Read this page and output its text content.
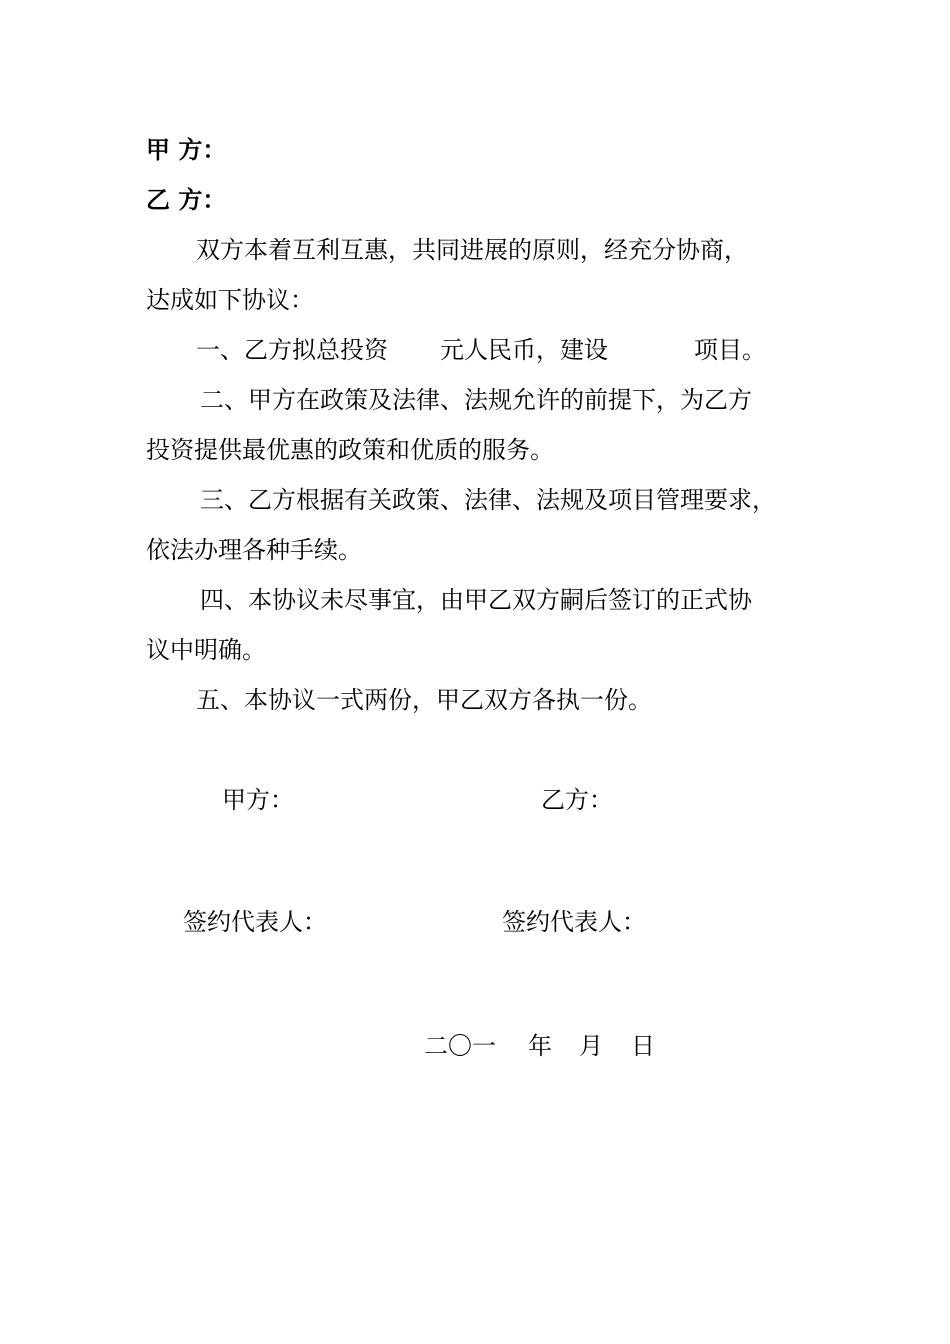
甲 方：
乙 方：
双方本着互利互惠，共同进展的原则，经充分协商，
达成如下协议：
一、乙方拟总投资 元人民币，建设	项目。
二、甲方在政策及法律、法规允许的前提下，为乙方
投资提供最优惠的政策和优质的服务。
三、乙方根据有关政策、法律、法规及项目管理要求，
依法办理各种手续。
四、本协议未尽事宜，由甲乙双方嗣后签订的正式协
议中明确。
五、本协议一式两份，甲乙双方各执一份。
甲方：	乙方：
签约代表人：	签约代表人：
二〇一 年 月 日
